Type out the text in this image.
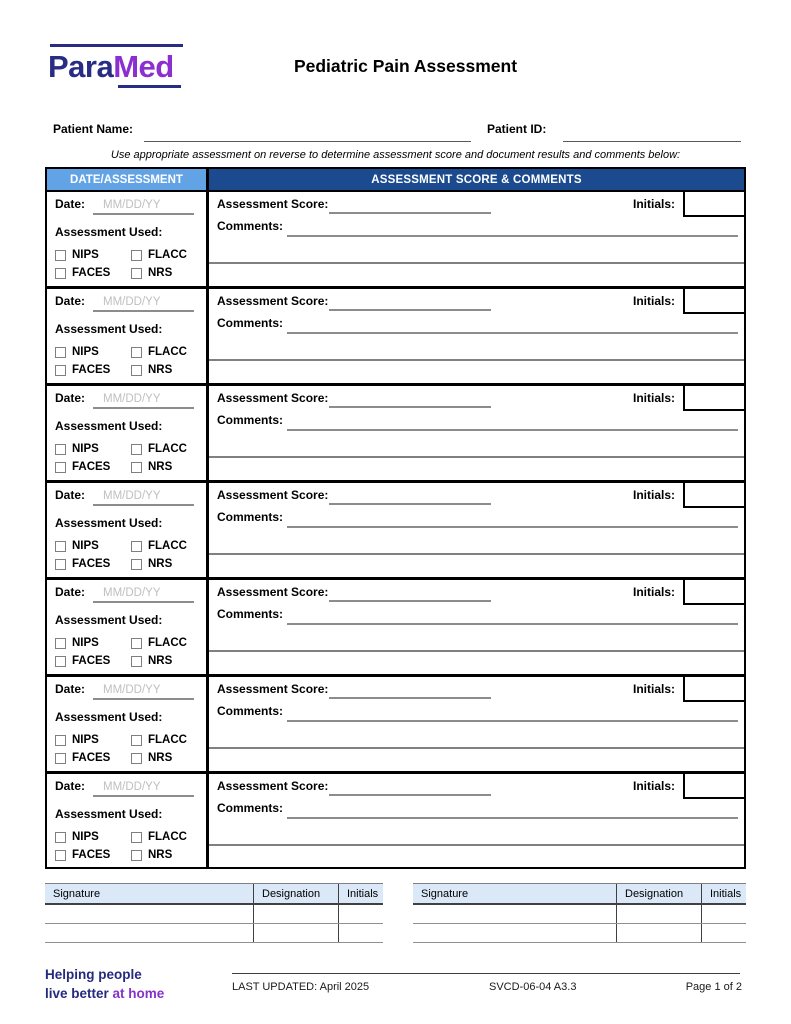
ParaMed	Pediatric Pain Assessment
Patient Name:	Patient ID:
Use appropriate assessment on reverse to determine assessment score and document results and comments below:
DATE/ASSESSMENT	ASSESSMENT SCORE & COMMENTS
Date:	MM/DD/YY
Assessment Used:
NIPS	FLACC
FACES	NRS
Assessment Score:	Initials:
Comments:
Date:	MM/DD/YY
Assessment Used:
NIPS	FLACC
FACES	NRS
Assessment Score:	Initials:
Comments:
Date:	MM/DD/YY
Assessment Used:
NIPS	FLACC
FACES	NRS
Assessment Score:	Initials:
Comments:
Date:	MM/DD/YY
Assessment Used:
NIPS	FLACC
FACES	NRS
Assessment Score:	Initials:
Comments:
Date:	MM/DD/YY
Assessment Used:
NIPS	FLACC
FACES	NRS
Assessment Score:	Initials:
Comments:
Date:	MM/DD/YY
Assessment Used:
NIPS	FLACC
FACES	NRS
Assessment Score:	Initials:
Comments:
Date:	MM/DD/YY
Assessment Used:
NIPS	FLACC
FACES	NRS
Assessment Score:	Initials:
Comments:
Signature	Designation	Initials	Signature	Designation	Initials
Helping people
live better at home	LAST UPDATED: April 2025	SVCD-06-04 A3.3	Page 1 of 2
